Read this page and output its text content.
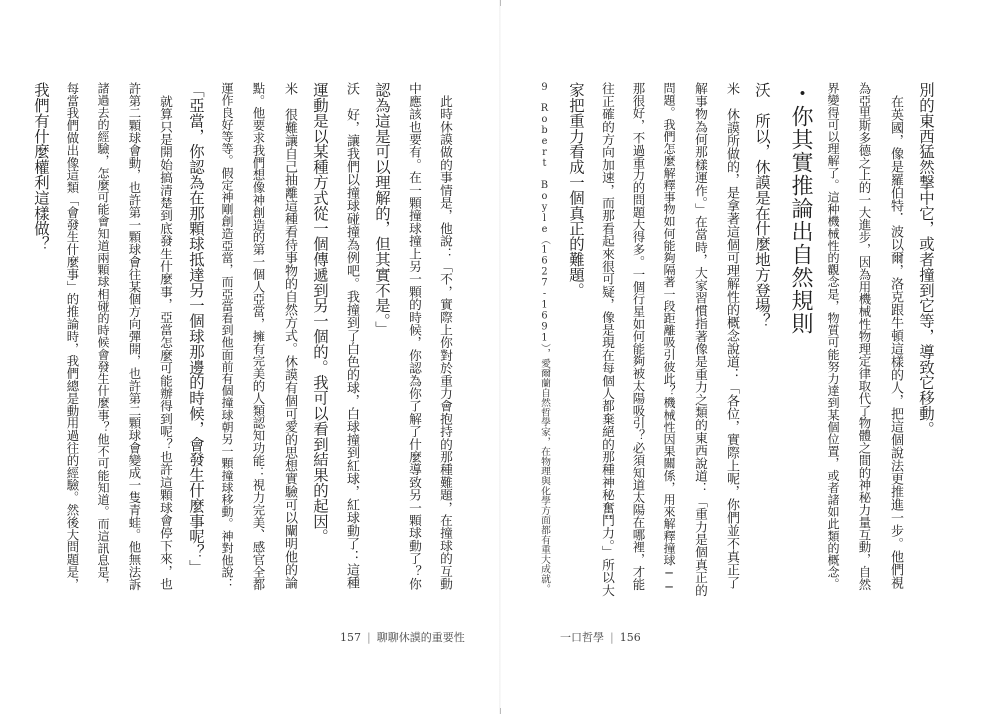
　此時休謨做的事情是，他說：「不，實際上你對於重力會抱持的那種難題，在撞球的互動
中應該也要有。在一顆撞球撞上另一顆的時候，你認為你了解了什麼導致另一顆球動了？你
認為這是可以理解的，但其實不是。」
沃　好，讓我們以撞球碰撞為例吧。我撞到了白色的球，白球撞到紅球，紅球動了：這種
運動是以某種方式從一個傳遞到另一個的。我可以看到結果的起因。
米　很難讓自己抽離這種看待事物的自然方式。休謨有個可愛的思想實驗可以闡明他的論
點。他要求我們想像神創造的第一個人亞當，擁有完美的人類認知功能：視力完美、感官全都
運作良好等等。假定神剛創造亞當，而亞當看到他面前有個撞球朝另一顆撞球移動。神對他說：
「亞當，你認為在那顆球抵達另一個球那邊的時候，會發生什麼事呢？」
　就算只是開始搞清楚到底發生什麼事，亞當怎麼可能辦得到呢？也許這顆球會停下來，也
許第二顆球會動，也許第一顆球會往某個方向彈開，也許第二顆球會變成一隻青蛙。他無法訴
諸過去的經驗，怎麼可能會知道兩顆球相碰的時候會發生什麼事？他不可能知道。而這訊息是，
每當我們做出像這類「會發生什麼事」的推論時，我們總是動用過往的經驗。然後大問題是，
我們有什麼權利這樣做？
157 | 聊聊休謨的重要性
別的東西猛然撃中它，或者撞到它等，導致它移動。
　在英國，像是羅伯特．波以爾，洛克跟牛頓這樣的人，把這個說法更推進一步。他們視
為亞里斯多德之上的一大進步，因為用機械性物理定律取代了物體之間的神秘力量互動，自然
界變得可以理解了。這种機械性的觀念是，物質可能努力達到某個位置，或者諸如此類的概念。
・你其實推論出自然規則
沃　所以，休謨是在什麼地方登場？
米　休謨所做的，是拿著這個可理解性的概念說道：「各位，實際上呢，你們並不真正了
解事物為何那樣運作。」在當時，大家習慣指著像是重力之類的東西說道：「重力是個真正的
問題。我們怎麼解釋事物如何能夠隔著一段距離吸引彼此？機械性因果關係，用來解釋撞球──
那很好，不過重力的問題大得多。一個行星如何能夠被太陽吸引？必須知道太陽在哪裡，才能
往正確的方向加速，而那看起來很可疑，像是現在每個人都棄絕的那種神秘奮鬥力。」所以大
家把重力看成一個真正的難題。
9　Robert Boyle（1627-1691），愛爾蘭自然哲學家，在物理與化學方面都有重大成就。
一口哲學 | 156
